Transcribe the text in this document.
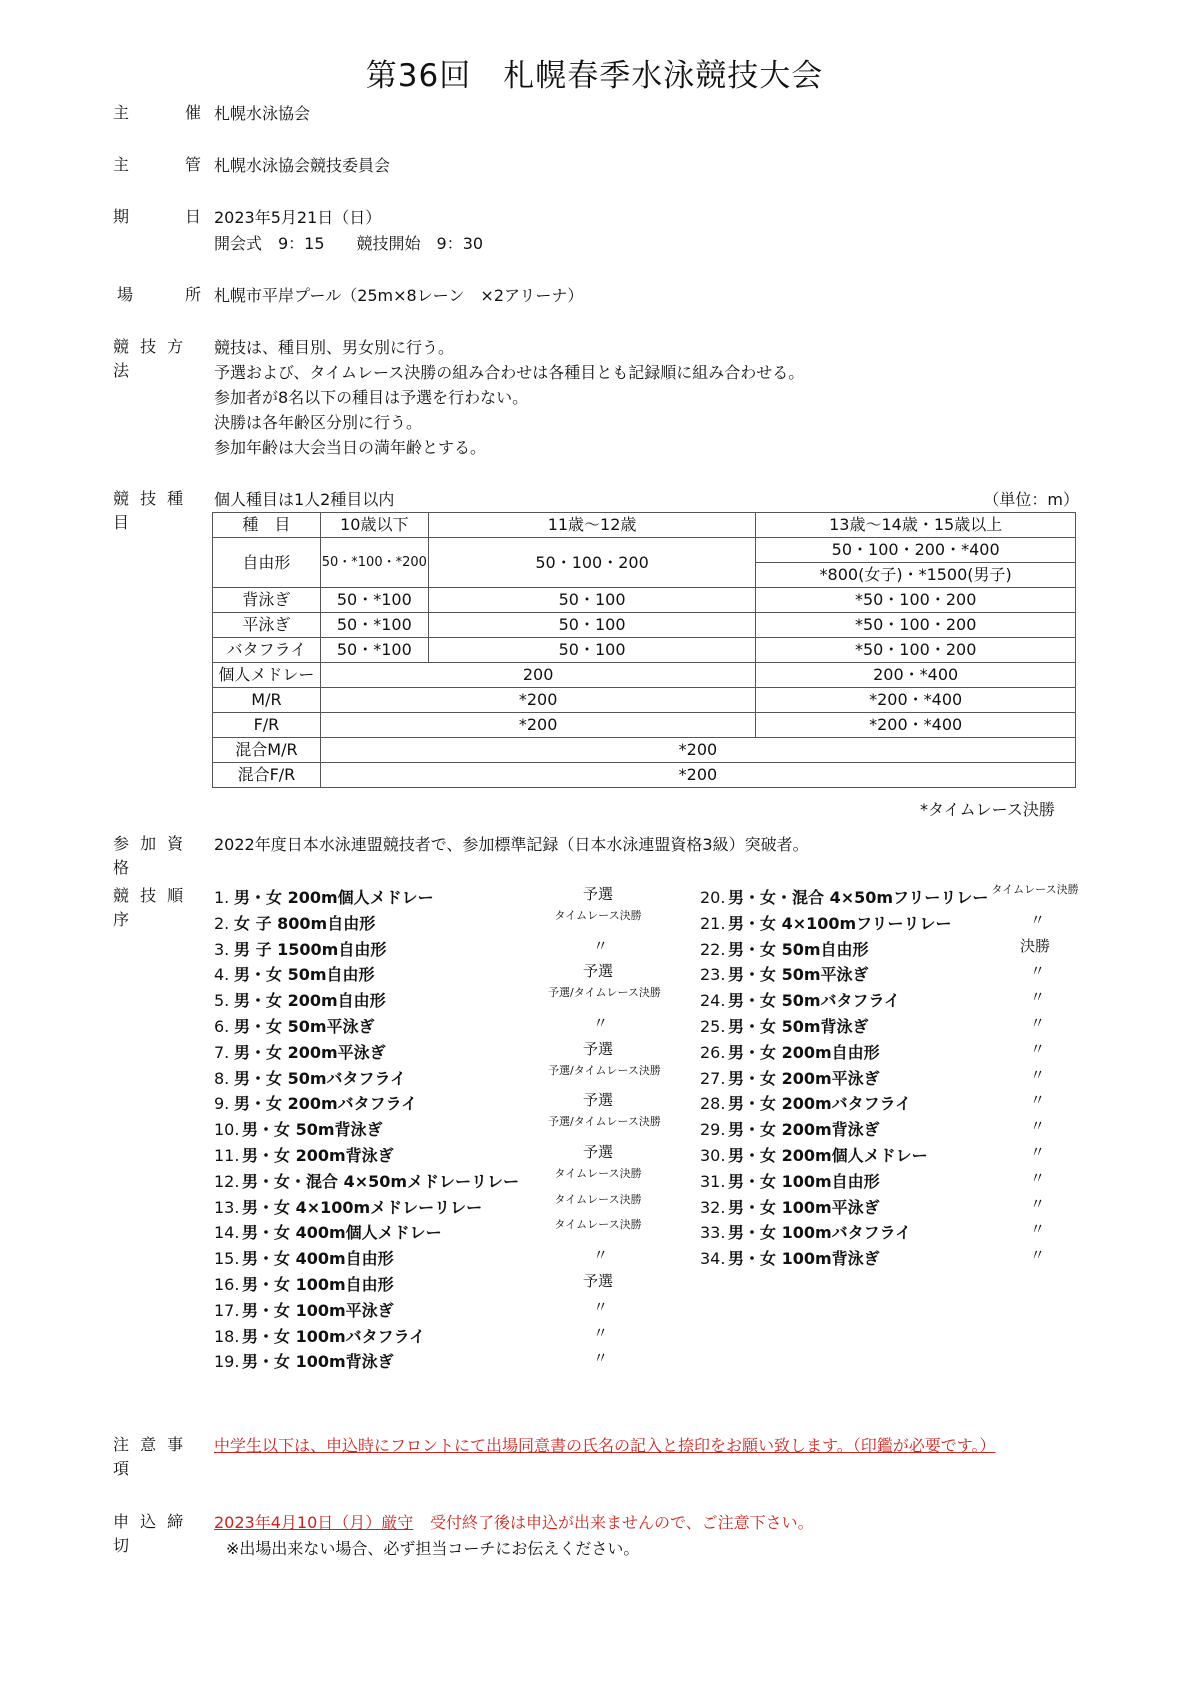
第36回　札幌春季水泳競技大会
主	催 札幌水泳協会
主	管 札幌水泳協会競技委員会
期	日 2023年5月21日（日）
開会式　9：15　　競技開始　9：30
場	所 札幌市平岸プール（25m×8レーン　×2アリーナ）
競 技 方 法
競技は、種目別、男女別に行う。
予選および、タイムレース決勝の組み合わせは各種目とも記録順に組み合わせる。
参加者が8名以下の種目は予選を行わない。
決勝は各年齢区分別に行う。
参加年齢は大会当日の満年齢とする。
競 技 種 目
個人種目は1人2種目以内	（単位：m）
種　目	10歳以下	11歳～12歳	13歳～14歳・15歳以上
自由形	50・*100・*200	50・100・200	50・100・200・*400
			*800(女子)・*1500(男子)
背泳ぎ	50・*100	50・100	*50・100・200
平泳ぎ	50・*100	50・100	*50・100・200
バタフライ	50・*100	50・100	*50・100・200
個人メドレー	200		200・*400
M/R	*200		*200・*400
F/R	*200		*200・*400
混合M/R	*200		
混合F/R	*200		
*タイムレース決勝
参 加 資 格
2022年度日本水泳連盟競技者で、参加標準記録（日本水泳連盟資格3級）突破者。
競 技 順 序
1. 男・女 200m個人メドレー	予選
2. 女 子 800m自由形	タイムレース決勝
3. 男 子 1500m自由形	〃
4. 男・女 50m自由形	予選
5. 男・女 200m自由形	予選/タイムレース決勝
6. 男・女 50m平泳ぎ	〃
7. 男・女 200m平泳ぎ	予選
8. 男・女 50mバタフライ	予選/タイムレース決勝
9. 男・女 200mバタフライ	予選
10. 男・女 50m背泳ぎ	予選/タイムレース決勝
11. 男・女 200m背泳ぎ	予選
12. 男・女・混合 4×50mメドレーリレー	タイムレース決勝
13. 男・女 4×100mメドレーリレー	タイムレース決勝
14. 男・女 400m個人メドレー	タイムレース決勝
15. 男・女 400m自由形	〃
16. 男・女 100m自由形	予選
17. 男・女 100m平泳ぎ	〃
18. 男・女 100mバタフライ	〃
19. 男・女 100m背泳ぎ	〃
20. 男・女・混合 4×50mフリーリレー タイムレース決勝
21. 男・女 4×100mフリーリレー	〃
22. 男・女 50m自由形	決勝
23. 男・女 50m平泳ぎ	〃
24. 男・女 50mバタフライ	〃
25. 男・女 50m背泳ぎ	〃
26. 男・女 200m自由形	〃
27. 男・女 200m平泳ぎ	〃
28. 男・女 200mバタフライ	〃
29. 男・女 200m背泳ぎ	〃
30. 男・女 200m個人メドレー	〃
31. 男・女 100m自由形	〃
32. 男・女 100m平泳ぎ	〃
33. 男・女 100mバタフライ	〃
34. 男・女 100m背泳ぎ	〃
注 意 事 項
中学生以下は、申込時にフロントにて出場同意書の氏名の記入と捺印をお願い致します。（印鑑が必要です。）
申 込 締 切
2023年4月10日（月）厳守 受付終了後は申込が出来ませんので、ご注意下さい。
※出場出来ない場合、必ず担当コーチにお伝えください。
